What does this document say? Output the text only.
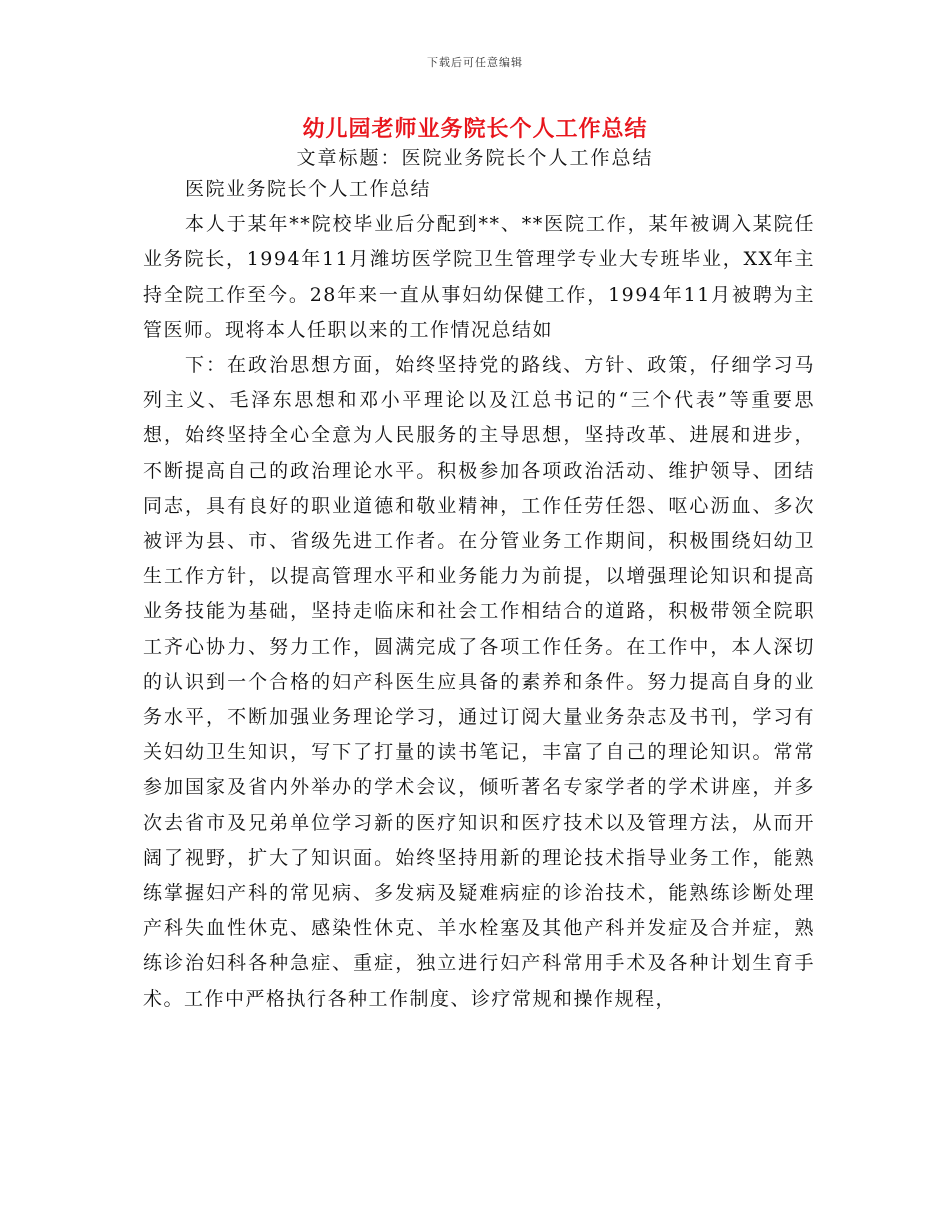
下载后可任意编辑
幼儿园老师业务院长个人工作总结
文章标题：医院业务院长个人工作总结

医院业务院长个人工作总结

本人于某年**院校毕业后分配到**、**医院工作，某年被调入某院任业务院长，1994年11月潍坊医学院卫生管理学专业大专班毕业，XX年主持全院工作至今。28年来一直从事妇幼保健工作，1994年11月被聘为主管医师。现将本人任职以来的工作情况总结如

下：在政治思想方面，始终坚持党的路线、方针、政策，仔细学习马列主义、毛泽东思想和邓小平理论以及江总书记的“三个代表”等重要思想，始终坚持全心全意为人民服务的主导思想，坚持改革、进展和进步，不断提高自己的政治理论水平。积极参加各项政治活动、维护领导、团结同志，具有良好的职业道德和敬业精神，工作任劳任怨、呕心沥血、多次被评为县、市、省级先进工作者。在分管业务工作期间，积极围绕妇幼卫生工作方针，以提高管理水平和业务能力为前提，以增强理论知识和提高业务技能为基础，坚持走临床和社会工作相结合的道路，积极带领全院职工齐心协力、努力工作，圆满完成了各项工作任务。在工作中，本人深切的认识到一个合格的妇产科医生应具备的素养和条件。努力提高自身的业务水平，不断加强业务理论学习，通过订阅大量业务杂志及书刊，学习有关妇幼卫生知识，写下了打量的读书笔记，丰富了自己的理论知识。常常参加国家及省内外举办的学术会议，倾听著名专家学者的学术讲座，并多次去省市及兄弟单位学习新的医疗知识和医疗技术以及管理方法，从而开阔了视野，扩大了知识面。始终坚持用新的理论技术指导业务工作，能熟练掌握妇产科的常见病、多发病及疑难病症的诊治技术，能熟练诊断处理产科失血性休克、感染性休克、羊水栓塞及其他产科并发症及合并症，熟练诊治妇科各种急症、重症，独立进行妇产科常用手术及各种计划生育手术。工作中严格执行各种工作制度、诊疗常规和操作规程，
